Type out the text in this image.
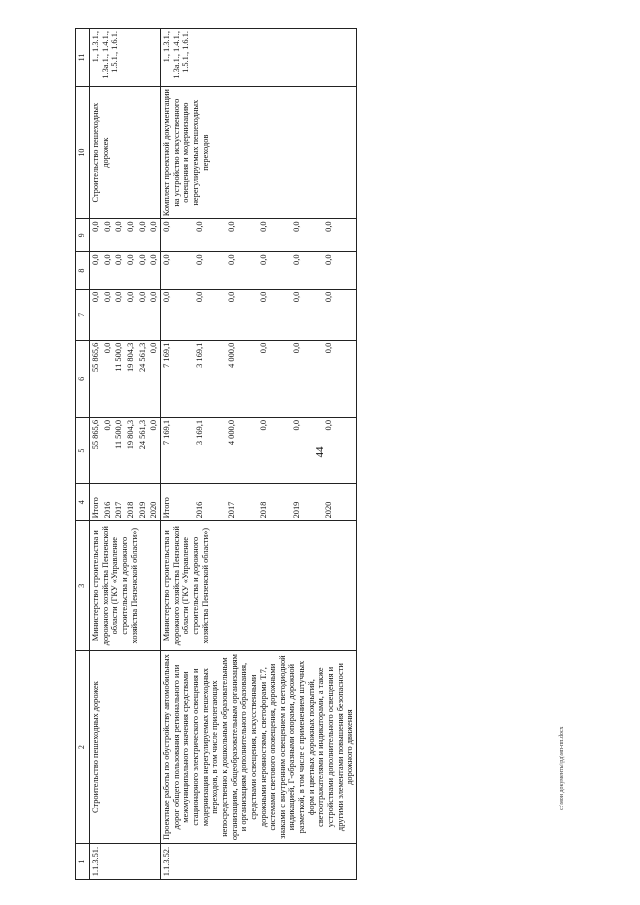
44
c:\мои документы\рд\мп-пп.docx
1	2	3	4	5	6	7	8	9	10	11
1.1.3.51.	Строительство пешеходных дорожек	Министерство строительства и дорожного хозяйства Пензенской области (ГКУ «Управление строительства и дорожного хозяйства Пензенской области»)	Итого	55 865,6	55 865,6	0,0	0,0	0,0	Строительство пешеходных дорожек	1., 1.3.1., 1.3а.1., 1.4.1., 1.5.1., 1.6.1.
			2016	0,0	0,0	0,0	0,0	0,0		
			2017	11 500,0	11 500,0	0,0	0,0	0,0		
			2018	19 804,3	19 804,3	0,0	0,0	0,0		
			2019	24 561,3	24 561,3	0,0	0,0	0,0		
			2020	0,0	0,0	0,0	0,0	0,0		
1.1.3.52.	Проектные работы по обустройству автомобильных дорог общего пользования регионального или межмуниципального значения средствами стационарного электрического освещения и модернизация нерегулируемых пешеходных переходов, в том числе прилегающих непосредственно к дошкольным образовательным организациям, общеобразовательным организациям и организациям дополнительного образования, средствами освещения, искусственными дорожными неровностями, светофорами Т.7, системами светового оповещения, дорожными знаками с внутренним освещением и светодиодной индикацией, Г-образными опорами, дорожной разметкой, в том числе с применением штучных форм и цветных дорожных покрытий, светоотражателями и индикаторами, а также устройствами дополнительного освещения и другими элементами повышения безопасности дорожного движения	Министерство строительства и дорожного хозяйства Пензенской области (ГКУ «Управление строительства и дорожного хозяйства Пензенской области»)	Итого	7 169,1	7 169,1	0,0	0,0	0,0	Комплект проектной документации на устройство искусственного освещения и модернизацию нерегулируемых пешеходных переходов	1., 1.3.1., 1.3а.1., 1.4.1., 1.5.1., 1.6.1.
			2016	3 169,1	3 169,1	0,0	0,0	0,0		
			2017	4 000,0	4 000,0	0,0	0,0	0,0		
			2018	0,0	0,0	0,0	0,0	0,0		
			2019	0,0	0,0	0,0	0,0	0,0		
			2020	0,0	0,0	0,0	0,0	0,0		
